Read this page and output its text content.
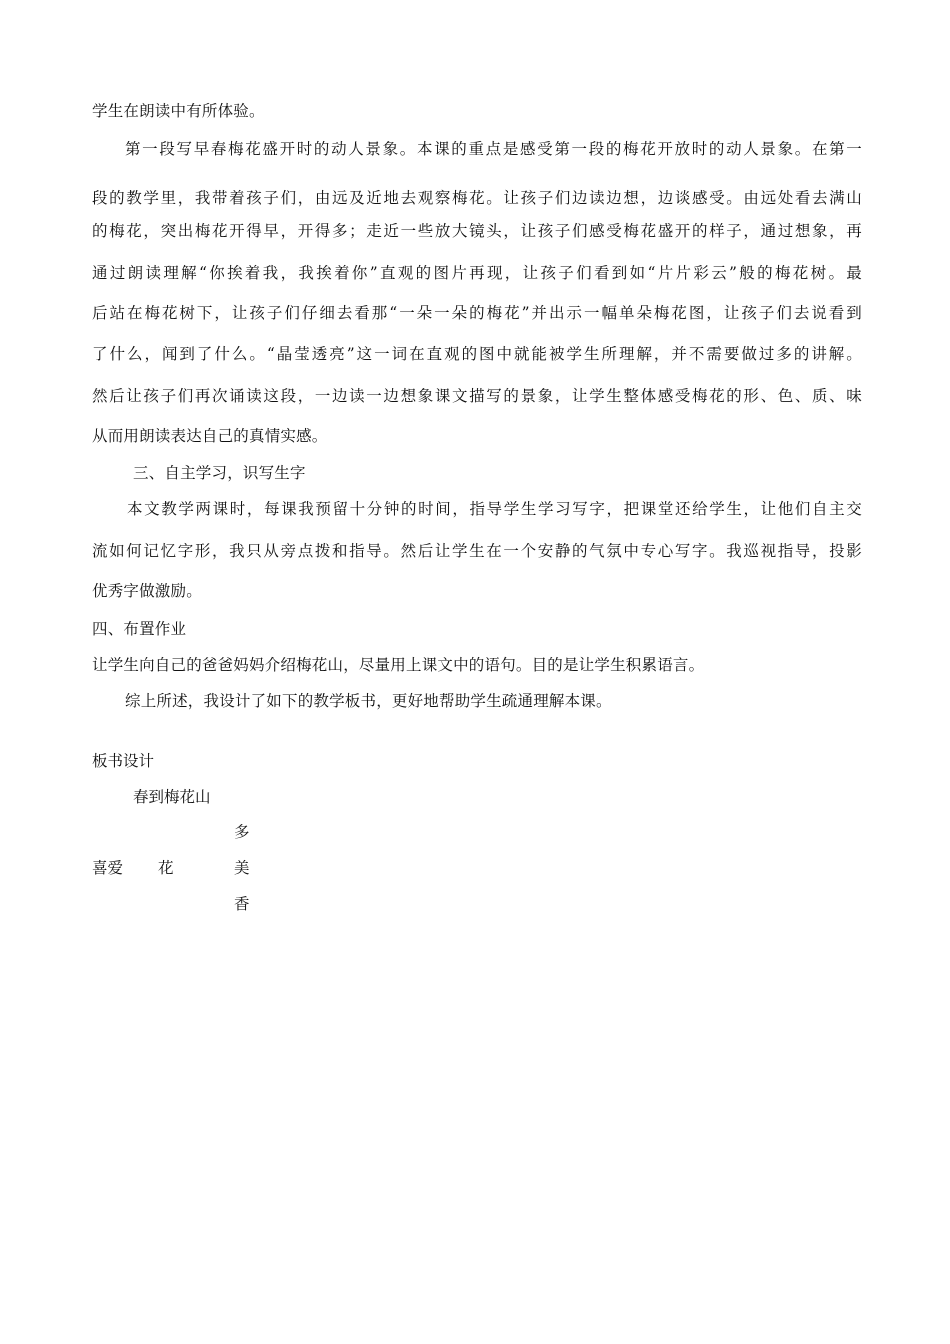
学生在朗读中有所体验。
第一段写早春梅花盛开时的动人景象。本课的重点是感受第一段的梅花开放时的动人景象。在第一
段的教学里，我带着孩子们，由远及近地去观察梅花。让孩子们边读边想，边谈感受。由远处看去满山
的梅花，突出梅花开得早，开得多；走近一些放大镜头，让孩子们感受梅花盛开的样子，通过想象，再
通过朗读理解“你挨着我，我挨着你”直观的图片再现，让孩子们看到如“片片彩云”般的梅花树。最
后站在梅花树下，让孩子们仔细去看那“一朵一朵的梅花”并出示一幅单朵梅花图，让孩子们去说看到
了什么，闻到了什么。“晶莹透亮”这一词在直观的图中就能被学生所理解，并不需要做过多的讲解。
然后让孩子们再次诵读这段，一边读一边想象课文描写的景象，让学生整体感受梅花的形、色、质、味
从而用朗读表达自己的真情实感。
三、自主学习，识写生字
本文教学两课时，每课我预留十分钟的时间，指导学生学习写字，把课堂还给学生，让他们自主交
流如何记忆字形，我只从旁点拨和指导。然后让学生在一个安静的气氛中专心写字。我巡视指导，投影
优秀字做激励。
四、布置作业
让学生向自己的爸爸妈妈介绍梅花山，尽量用上课文中的语句。目的是让学生积累语言。
综上所述，我设计了如下的教学板书，更好地帮助学生疏通理解本课。
板书设计
春到梅花山
多
喜爱 花	美
香
